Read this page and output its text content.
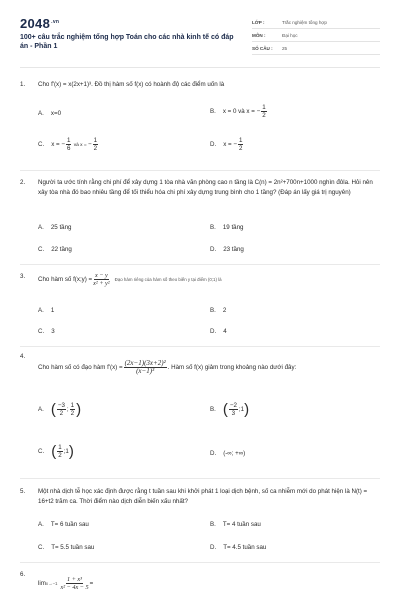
$2048^{.vn}$
100+ câu trắc nghiệm tổng hợp Toán cho các nhà kinh tế có đáp án - Phần 1
LỚP :	Trắc nghiệm tổng hợp
MÔN :	Đại học
SỐ CÂU :	25
1. Cho f'(x) = x(2x+1)³. Đồ thị hàm số f(x) có hoành độ các điểm uốn là
A. x=0	B. x = 0 và x = − $\frac{1}{2}$
C. x = − $\frac{1}{6}$ và x = − $\frac{1}{2}$	D. x = − $\frac{1}{2}$
2. Người ta ước tính rằng chi phí để xây dựng 1 tòa nhà văn phòng cao n tầng là C(n) = 2n²+700n+1000 nghìn đôla. Hỏi nên xây tòa nhà đó bao nhiêu tầng để tối thiểu hóa chi phí xây dựng trung bình cho 1 tầng? (Đáp án lấy giá trị nguyên)
A. 25 tầng	B. 19 tầng
C. 22 tầng	D. 23 tầng
3. Cho hàm số f(x;y) = $\frac{x - y}{\text{x² + y²}}$ Đạo hàm riêng của hàm số theo biến y tại điểm (0;1) là
A. 1	B. 2
C. 3	D. 4
4.
Cho hàm số có đạo hàm $f'(x) = \frac{\text{(2x−1)(3x+2)²}}{\text{(x−1)³}}$ . Hàm số f(x) giảm trong khoảng nào dưới đây:
A. ( $\frac{-3}{2}$ ; $\frac{1}{2}$ )	B. ( $\frac{-2}{3}$ ; 1 )
C. ( $\frac{1}{2}$ ; 1 )	D. (-∞; +∞)
5. Một nhà dịch tễ học xác định được rằng t tuần sau khi khởi phát 1 loại dịch bệnh, số ca nhiễm mới do phát hiện là N(t) = 16+t2 trăm ca. Thời điểm nào dịch diễn biến xấu nhất?
A. T= 6 tuần sau	B. T= 4 tuần sau
C. T= 5.5 tuần sau	D. T= 4.5 tuần sau
6.
$\lim x\to-1 \frac{\text{1 + x³}}{\text{x² − 4x − 5}}$ =
